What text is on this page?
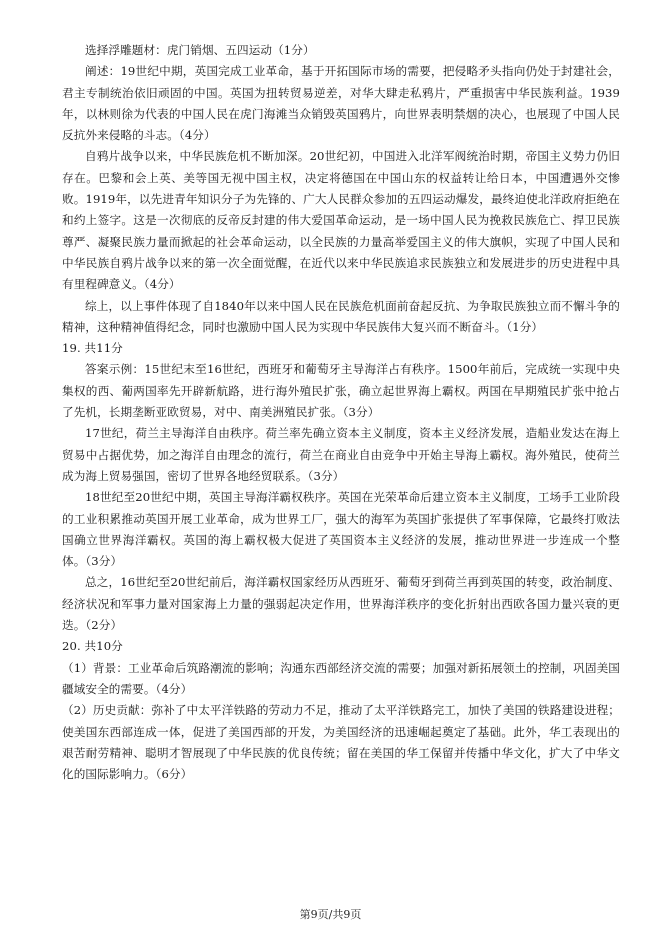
选择浮雕题材：虎门销烟、五四运动（1分）

阐述：19世纪中期，英国完成工业革命，基于开拓国际市场的需要，把侵略矛头指向仍处于封建社会，君主专制统治依旧顽固的中国。英国为扭转贸易逆差，对华大肆走私鸦片，严重损害中华民族利益。1939年，以林则徐为代表的中国人民在虎门海滩当众销毁英国鸦片，向世界表明禁烟的决心，也展现了中国人民反抗外来侵略的斗志。（4分）

自鸦片战争以来，中华民族危机不断加深。20世纪初，中国进入北洋军阀统治时期，帝国主义势力仍旧存在。巴黎和会上英、美等国无视中国主权，决定将德国在中国山东的权益转让给日本，中国遭遇外交惨败。1919年，以先进青年知识分子为先锋的、广大人民群众参加的五四运动爆发，最终迫使北洋政府拒绝在和约上签字。这是一次彻底的反帝反封建的伟大爱国革命运动，是一场中国人民为挽救民族危亡、捍卫民族尊严、凝聚民族力量而掀起的社会革命运动，以全民族的力量高举爱国主义的伟大旗帜，实现了中国人民和中华民族自鸦片战争以来的第一次全面觉醒，在近代以来中华民族追求民族独立和发展进步的历史进程中具有里程碑意义。（4分）

综上，以上事件体现了自1840年以来中国人民在民族危机面前奋起反抗、为争取民族独立而不懈斗争的精神，这种精神值得纪念，同时也激励中国人民为实现中华民族伟大复兴而不断奋斗。（1分）

19. 共11分

答案示例：15世纪末至16世纪，西班牙和葡萄牙主导海洋占有秩序。1500年前后，完成统一实现中央集权的西、葡两国率先开辟新航路，进行海外殖民扩张，确立起世界海上霸权。两国在早期殖民扩张中抢占了先机，长期垄断亚欧贸易，对中、南美洲殖民扩张。（3分）

17世纪，荷兰主导海洋自由秩序。荷兰率先确立资本主义制度，资本主义经济发展，造船业发达在海上贸易中占据优势，加之海洋自由理念的流行，荷兰在商业自由竞争中开始主导海上霸权。海外殖民，使荷兰成为海上贸易强国，密切了世界各地经贸联系。（3分）

18世纪至20世纪中期，英国主导海洋霸权秩序。英国在光荣革命后建立资本主义制度，工场手工业阶段的工业积累推动英国开展工业革命，成为世界工厂，强大的海军为英国扩张提供了军事保障，它最终打败法国确立世界海洋霸权。英国的海上霸权极大促进了英国资本主义经济的发展，推动世界进一步连成一个整体。（3分）

总之，16世纪至20世纪前后，海洋霸权国家经历从西班牙、葡萄牙到荷兰再到英国的转变，政治制度、经济状况和军事力量对国家海上力量的强弱起决定作用，世界海洋秩序的变化折射出西欧各国力量兴衰的更迭。（2分）

20. 共10分

（1）背景：工业革命后筑路潮流的影响；沟通东西部经济交流的需要；加强对新拓展领土的控制，巩固美国疆域安全的需要。（4分）

（2）历史贡献：弥补了中太平洋铁路的劳动力不足，推动了太平洋铁路完工，加快了美国的铁路建设进程；使美国东西部连成一体，促进了美国西部的开发，为美国经济的迅速崛起奠定了基础。此外，华工表现出的艰苦耐劳精神、聪明才智展现了中华民族的优良传统；留在美国的华工保留并传播中华文化，扩大了中华文化的国际影响力。（6分）

第9页/共9页
